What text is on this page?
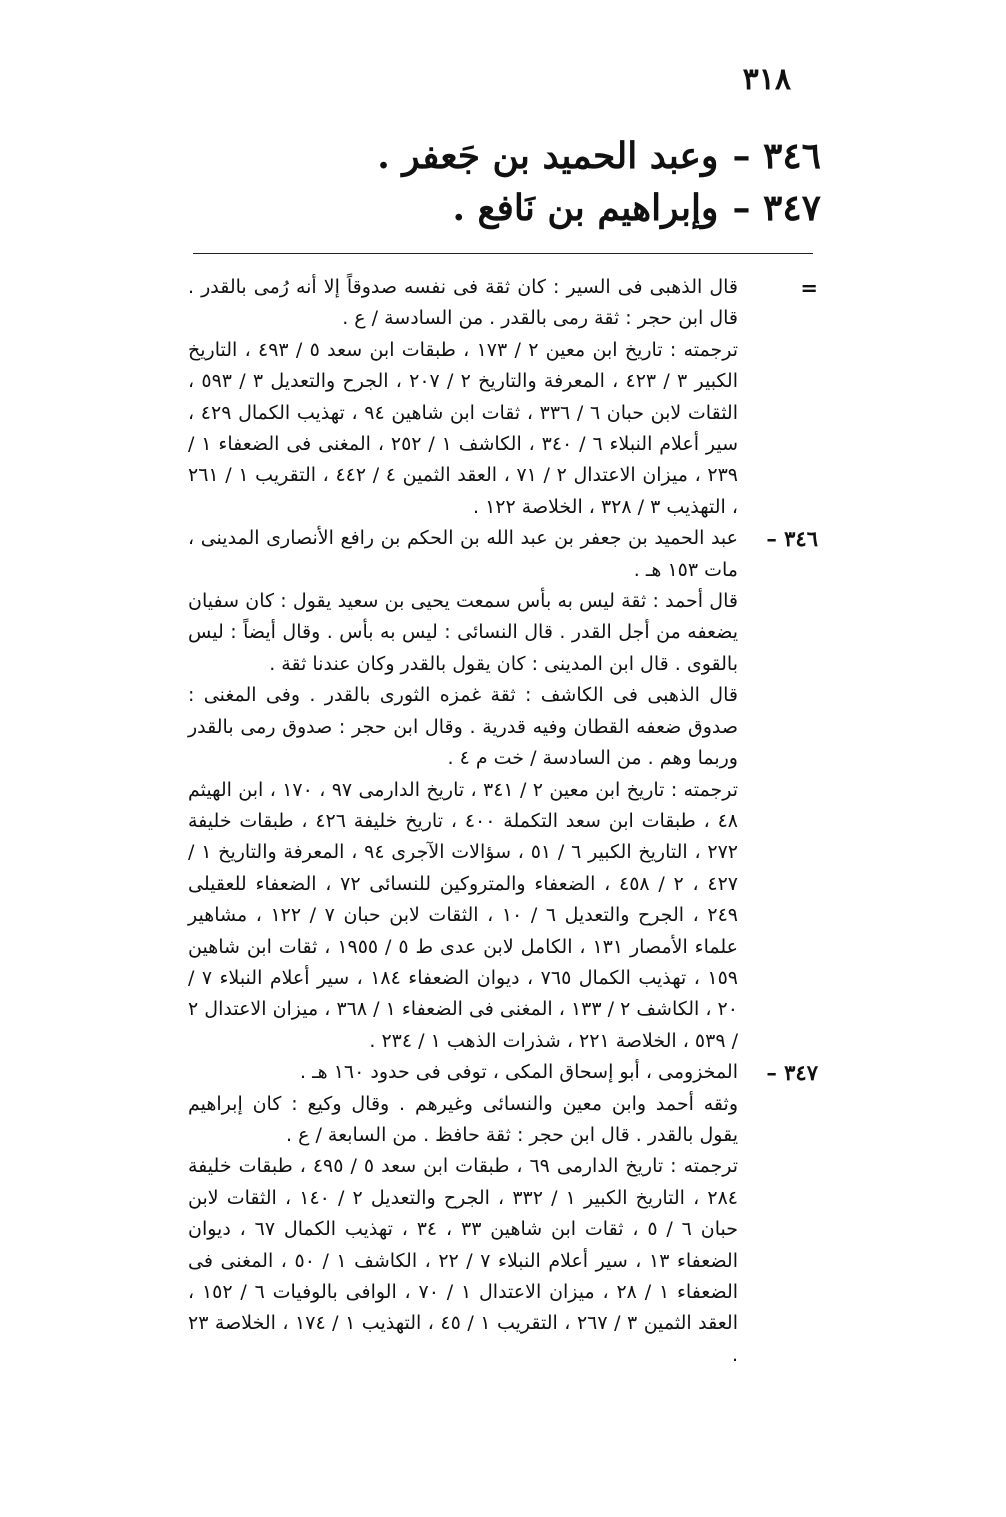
٣١٨
٣٤٦ –وعبد الحميد بن جَعفر .
٣٤٧ –وإبراهيم بن نَافع .
=

قال الذهبى فى السير : كان ثقة فى نفسه صدوقاً إلا أنه رُمى بالقدر . قال ابن حجر : ثقة رمى بالقدر . من السادسة / ع .

ترجمته : تاريخ ابن معين ٢ / ١٧٣ ، طبقات ابن سعد ٥ / ٤٩٣ ، التاريخ الكبير ٣ / ٤٢٣ ، المعرفة والتاريخ ٢ / ٢٠٧ ، الجرح والتعديل ٣ / ٥٩٣ ، الثقات لابن حبان ٦ / ٣٣٦ ، ثقات ابن شاهين ٩٤ ، تهذيب الكمال ٤٢٩ ، سير أعلام النبلاء ٦ / ٣٤٠ ، الكاشف ١ / ٢٥٢ ، المغنى فى الضعفاء ١ / ٢٣٩ ، ميزان الاعتدال ٢ / ٧١ ، العقد الثمين ٤ / ٤٤٢ ، التقريب ١ / ٢٦١ ، التهذيب ٣ / ٣٢٨ ، الخلاصة ١٢٢ .

٣٤٦ –

عبد الحميد بن جعفر بن عبد الله بن الحكم بن رافع الأنصارى المدينى ، مات ١٥٣ هـ .

قال أحمد : ثقة ليس به بأس سمعت يحيى بن سعيد يقول : كان سفيان يضعفه من أجل القدر . قال النسائى : ليس به بأس . وقال أيضاً : ليس بالقوى . قال ابن المدينى : كان يقول بالقدر وكان عندنا ثقة .

قال الذهبى فى الكاشف : ثقة غمزه الثورى بالقدر . وفى المغنى : صدوق ضعفه القطان وفيه قدرية . وقال ابن حجر : صدوق رمى بالقدر وربما وهم . من السادسة / خت م ٤ .

ترجمته : تاريخ ابن معين ٢ / ٣٤١ ، تاريخ الدارمى ٩٧ ، ١٧٠ ، ابن الهيثم ٤٨ ، طبقات ابن سعد التكملة ٤٠٠ ، تاريخ خليفة ٤٢٦ ، طبقات خليفة ٢٧٢ ، التاريخ الكبير ٦ / ٥١ ، سؤالات الآجرى ٩٤ ، المعرفة والتاريخ ١ / ٤٢٧ ، ٢ / ٤٥٨ ، الضعفاء والمتروكين للنسائى ٧٢ ، الضعفاء للعقيلى ٢٤٩ ، الجرح والتعديل ٦ / ١٠ ، الثقات لابن حبان ٧ / ١٢٢ ، مشاهير علماء الأمصار ١٣١ ، الكامل لابن عدى ط ٥ / ١٩٥٥ ، ثقات ابن شاهين ١٥٩ ، تهذيب الكمال ٧٦٥ ، ديوان الضعفاء ١٨٤ ، سير أعلام النبلاء ٧ / ٢٠ ، الكاشف ٢ / ١٣٣ ، المغنى فى الضعفاء ١ / ٣٦٨ ، ميزان الاعتدال ٢ / ٥٣٩ ، الخلاصة ٢٢١ ، شذرات الذهب ١ / ٢٣٤ .

٣٤٧ –

المخزومى ، أبو إسحاق المكى ، توفى فى حدود ١٦٠ هـ .

وثقه أحمد وابن معين والنسائى وغيرهم . وقال وكيع : كان إبراهيم يقول بالقدر . قال ابن حجر : ثقة حافظ . من السابعة / ع .

ترجمته : تاريخ الدارمى ٦٩ ، طبقات ابن سعد ٥ / ٤٩٥ ، طبقات خليفة ٢٨٤ ، التاريخ الكبير ١ / ٣٣٢ ، الجرح والتعديل ٢ / ١٤٠ ، الثقات لابن حبان ٦ / ٥ ، ثقات ابن شاهين ٣٣ ، ٣٤ ، تهذيب الكمال ٦٧ ، ديوان الضعفاء ١٣ ، سير أعلام النبلاء ٧ / ٢٢ ، الكاشف ١ / ٥٠ ، المغنى فى الضعفاء ١ / ٢٨ ، ميزان الاعتدال ١ / ٧٠ ، الوافى بالوفيات ٦ / ١٥٢ ، العقد الثمين ٣ / ٢٦٧ ، التقريب ١ / ٤٥ ، التهذيب ١ / ١٧٤ ، الخلاصة ٢٣ .
